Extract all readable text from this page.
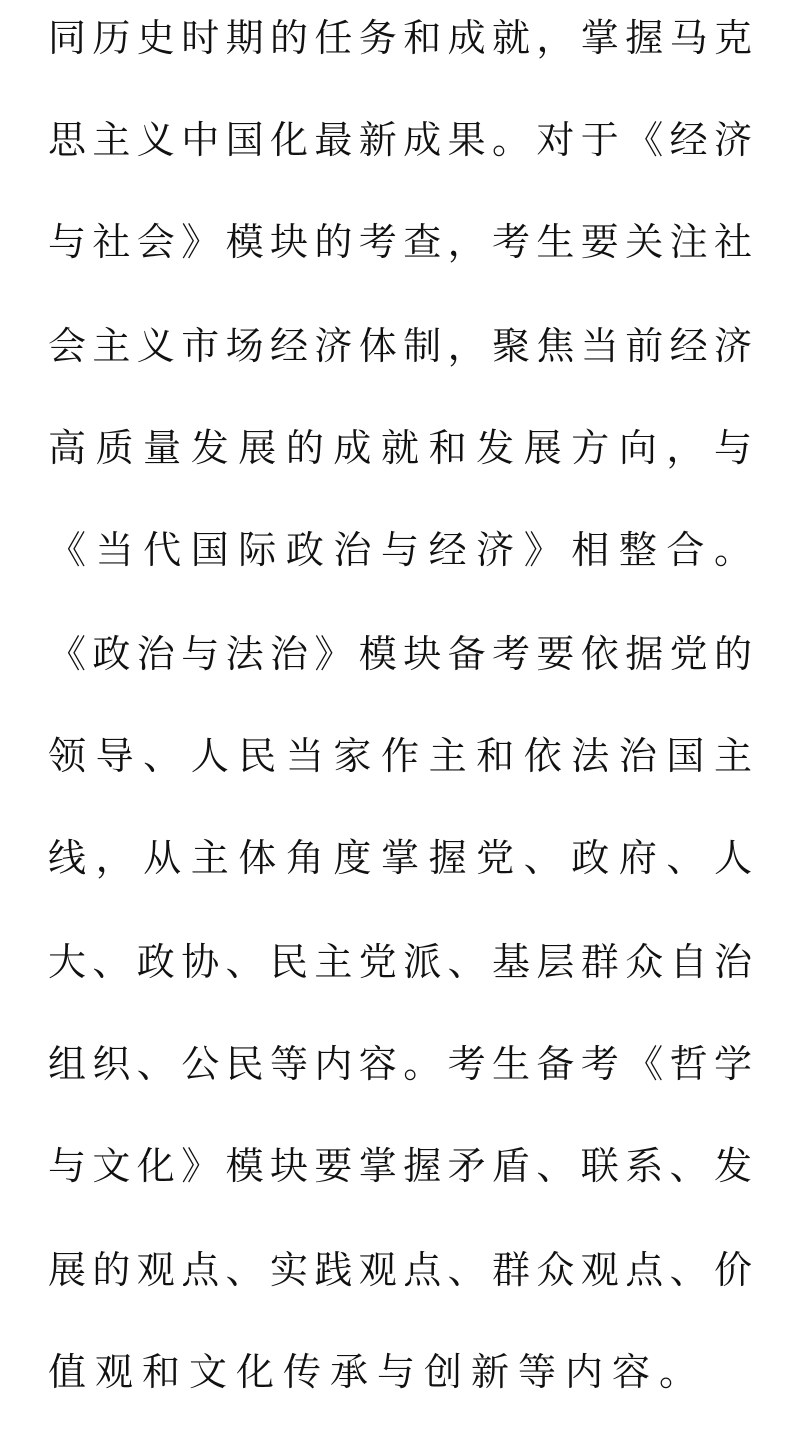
同历史时期的任务和成就，掌握马克
思主义中国化最新成果。对于《经济
与社会》模块的考查，考生要关注社
会主义市场经济体制，聚焦当前经济
高质量发展的成就和发展方向，与
《当代国际政治与经济》相整合。
《政治与法治》模块备考要依据党的
领导、人民当家作主和依法治国主
线，从主体角度掌握党、政府、人
大、政协、民主党派、基层群众自治
组织、公民等内容。考生备考《哲学
与文化》模块要掌握矛盾、联系、发
展的观点、实践观点、群众观点、价
值观和文化传承与创新等内容。
